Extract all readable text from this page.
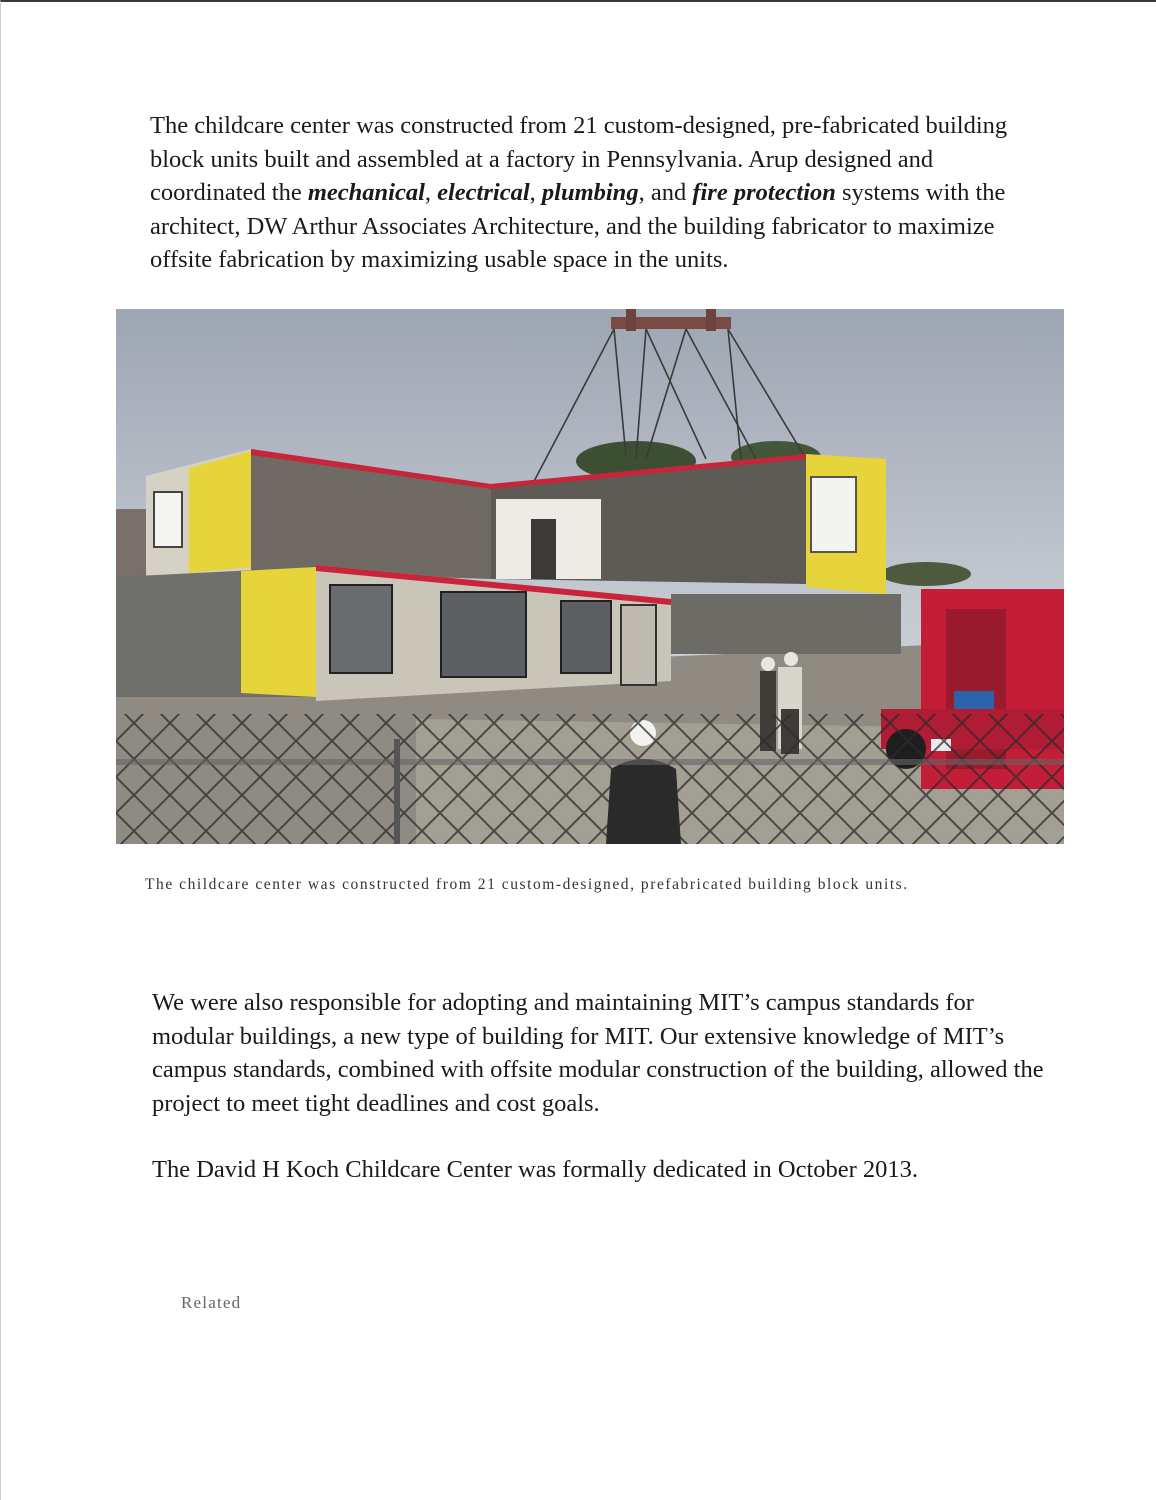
The childcare center was constructed from 21 custom-designed, pre-fabricated building block units built and assembled at a factory in Pennsylvania. Arup designed and coordinated the mechanical, electrical, plumbing, and fire protection systems with the architect, DW Arthur Associates Architecture, and the building fabricator to maximize offsite fabrication by maximizing usable space in the units.

The childcare center was constructed from 21 custom-designed, prefabricated building block units.

We were also responsible for adopting and maintaining MIT’s campus standards for modular buildings, a new type of building for MIT. Our extensive knowledge of MIT’s campus standards, combined with offsite modular construction of the building, allowed the project to meet tight deadlines and cost goals.

The David H Koch Childcare Center was formally dedicated in October 2013.

Related
